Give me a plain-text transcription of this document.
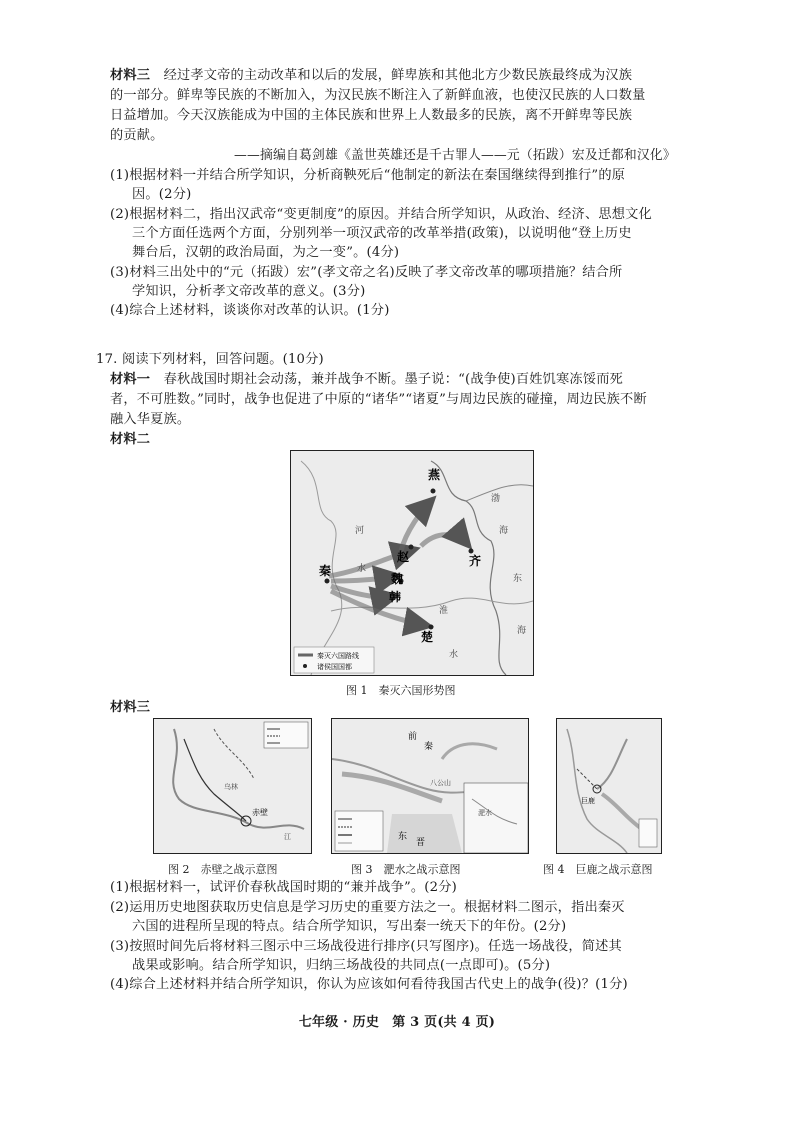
材料三　 经过孝文帝的主动改革和以后的发展，鲜卑族和其他北方少数民族最终成为汉族
的一部分。鲜卑等民族的不断加入，为汉民族不断注入了新鲜血液，也使汉民族的人口数量
日益增加。今天汉族能成为中国的主体民族和世界上人数最多的民族，离不开鲜卑等民族
的贡献。
——摘编自葛剑雄《盖世英雄还是千古罪人——元（拓跋）宏及迁都和汉化》
(1)根据材料一并结合所学知识，分析商鞅死后“他制定的新法在秦国继续得到推行”的原
因。(2分)
(2)根据材料二，指出汉武帝“变更制度”的原因。并结合所学知识，从政治、经济、思想文化
三个方面任选两个方面，分别列举一项汉武帝的改革举措(政策)，以说明他“登上历史
舞台后，汉朝的政治局面，为之一变”。(4分)
(3)材料三出处中的“元（拓跋）宏”(孝文帝之名)反映了孝文帝改革的哪项措施？结合所
学知识，分析孝文帝改革的意义。(3分)
(4)综合上述材料，谈谈你对改革的认识。(1分)
17. 阅读下列材料，回答问题。(10分)
材料一　 春秋战国时期社会动荡，兼并战争不断。墨子说：“(战争使)百姓饥寒冻馁而死
者，不可胜数。”同时，战争也促进了中原的“诸华”“诸夏”与周边民族的碰撞，周边民族不断
融入华夏族。
材料二
燕
赵	齐
秦
魏
韩
楚
河
水
渤
海
东
海
淮
水
秦灭六国路线
诸侯国国都
图 1　秦灭六国形势图
材料三
赤壁
乌林
江
图 2　赤壁之战示意图
前
秦
东
晋
八公山
淝水
图 3　淝水之战示意图
巨鹿
图 4　巨鹿之战示意图
(1)根据材料一，试评价春秋战国时期的“兼并战争”。(2分)
(2)运用历史地图获取历史信息是学习历史的重要方法之一。根据材料二图示，指出秦灭
六国的进程所呈现的特点。结合所学知识，写出秦一统天下的年份。(2分)
(3)按照时间先后将材料三图示中三场战役进行排序(只写图序)。任选一场战役，简述其
战果或影响。结合所学知识，归纳三场战役的共同点(一点即可)。(5分)
(4)综合上述材料并结合所学知识，你认为应该如何看待我国古代史上的战争(役)？(1分)
七年级 · 历史　第 3 页(共 4 页)
